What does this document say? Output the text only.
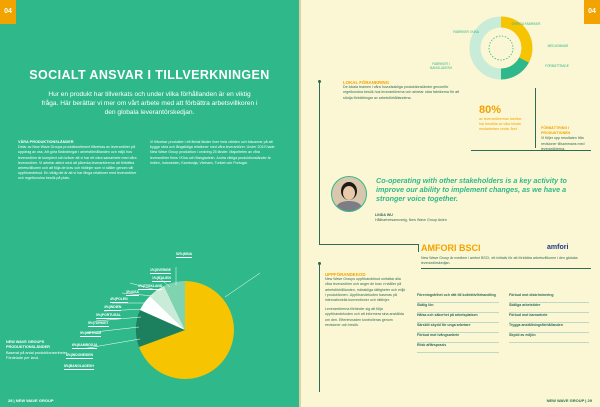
04
SOCIALT ANSVAR I TILLVERKNINGEN
Hur en produkt har tillverkats och under vilka förhållanden är en viktig fråga. Här berättar vi mer om vårt arbete med att förbättra arbetsvillkoren i den globala leverantörskedjan.
VÅRA PRODUKTIONSLÄNDER
Delar av New Wave Groups produktsortiment tillverkas av leverantörer på uppdrag av oss. Att göra förändringar i arbetsförhållanden och miljö hos leverantörer är komplext och kräver att vi har ett nära samarbete med våra leverantörer. Vi arbetar aktivt med att påverka leverantörerna att förbättra arbetsvillkoren och att följa de krav och riktlinjer som vi ställer genom vår uppförandekod. En viktig del är att vi har långa relationer med leverantörer och regelbundna besök på plats.
Vi tillverkar produkter i ett flertal länder över hela världen och fokuserar på att bygga nära och långsiktiga relationer med våra leverantörer. Under 2019 hade New Wave Group produktion i omkring 25 länder. Majoriteten av våra leverantörer finns i Kina och Bangladesh. Andra viktiga produktionsländer är Indien, Indonesien, Kambodja, Vietnam, Turkiet och Portugal.
1%|SVERIGE
1%|ITALIEN
1%|TYSKLAND
3%|USA
4%|POLEN
4%|INDIEN
5%|PORTUGAL
5%|TURKIET
5%|VIETNAM
6%|KAMBODJA
6%|INDONESIEN
8%|BANGLADESH
52%|KINA
NEW WAVE GROUPS PRODUKTIONSLÄNDER
Baserat på antal produktionsenheter. Fördelade per land.
28 | NEW WAVE GROUP
04
FABRIKER I KINA
FABRIKER I BANGLADESH
ÖVRIGA FABRIKER
MEDLEMMAR
FÖRBÄTTRADE
LOKAL FÖRANKRING
De lokala teamen i våra huvudsakliga produktionsländer genomför regelbundna besök hos leverantörerna och arbetar nära fabrikerna för att stödja förbättringar av arbetsförhållandena.
80%
av leverantörernas fabriker har besökts av våra lokala medarbetare under året.	FÖRBÄTTRING I PRODUKTIONEN
Vi följer upp resultaten från revisioner tillsammans med leverantörerna.
Co-operating with other stakeholders is a key activity to improve our ability to implement changes, as we have a stronger voice together.
LINDA WU
Hållbarhetsansvarig, New Wave Group Asien
AMFORI BSCI	amfori
New Wave Group är medlem i amfori BSCI, ett initiativ för att förbättra arbetsvillkoren i den globala leverantörskedjan.
UPPFÖRANDEKOD
New Wave Groups uppförandekod omfattar alla våra leverantörer och anger de krav vi ställer på arbetsförhållanden, mänskliga rättigheter och miljö i produktionen. Uppförandekoden baseras på internationella konventioner och riktlinjer.
Leverantörerna förbinder sig att följa uppförandekoden och att informera sina anställda om den. Efterlevnaden kontrolleras genom revisioner och besök.
Föreningsfrihet och rätt till kollektivförhandling
Skälig lön
Hälsa och säkerhet på arbetsplatsen
Särskilt skydd för unga arbetare
Förbud mot tvångsarbete
Etisk affärspraxis
Förbud mot diskriminering
Skäliga arbetstider
Förbud mot barnarbete
Trygga anställningsförhållanden
Skydd av miljön
NEW WAVE GROUP | 29
